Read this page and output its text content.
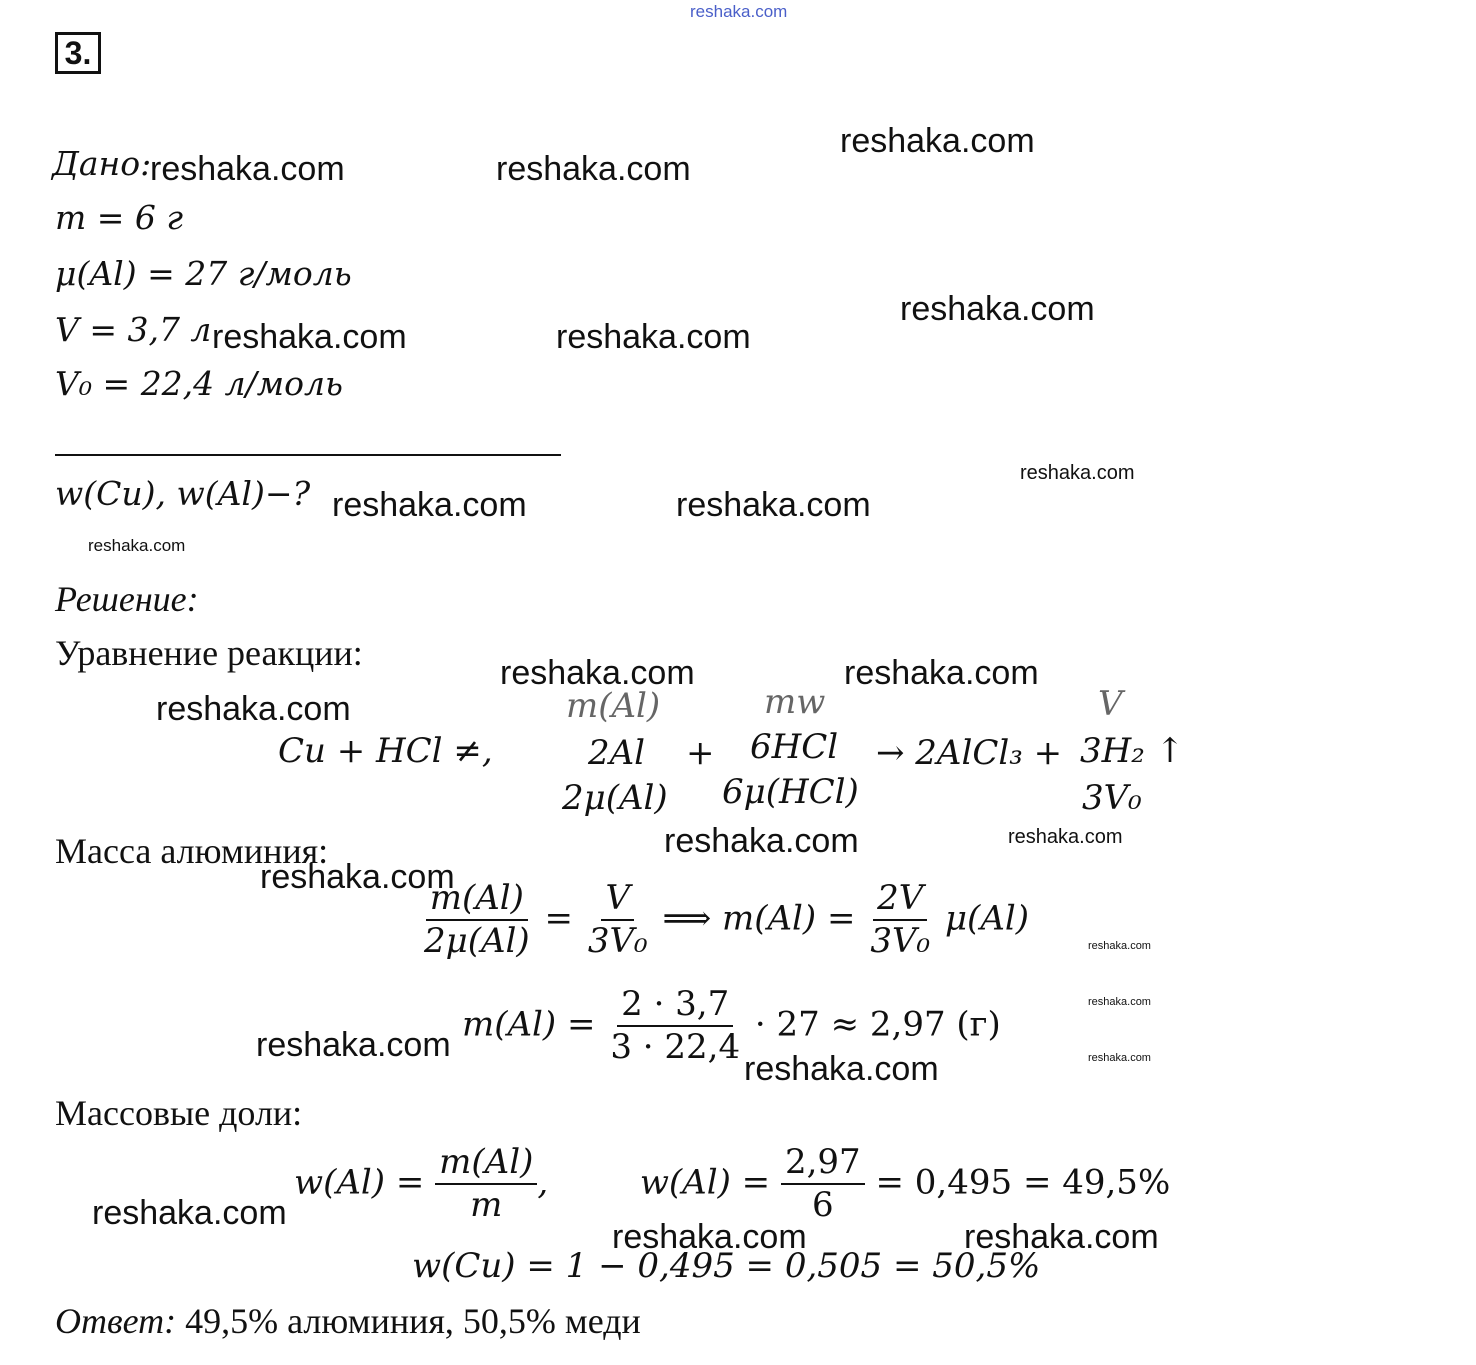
reshaka.com
3.
Дано:
m = 6 г
μ(Al) = 27 г/моль
V = 3,7 л
V₀ = 22,4 л/моль
w(Cu), w(Al)−?
Решение:
Уравнение реакции:
Cu + HCl ≠,
m(Al)	mw	V
2Al + 6HCl → 2AlCl₃ + 3H₂ ↑
2μ(Al) 6μ(HCl)	3V₀
Масса алюминия:
$\frac{m(Al)}{2\mu(Al)} = \frac{V}{\text{3V₀}}$ ⟹ $m(Al) = \frac{2V}{\text{3V₀}} \mu(Al)$
$m(Al) = \frac{2 \cdot 3,7}{3 \cdot 22,4} \cdot 27 \approx 2,97$ (г)
Массовые доли:
$w(Al) = \frac{m(Al)}{m}$ ,	$w(Al) = \frac{2,97}{6} = 0,495 = 49,5\%$
w(Cu) = 1 − 0,495 = 0,505 = 50,5%
Ответ: 49,5% алюминия, 50,5% меди
reshaka.com	reshaka.com
reshaka.com
reshaka.com
reshaka.com	reshaka.com
reshaka.com
reshaka.com	reshaka.com
reshaka.com
reshaka.com	reshaka.com
reshaka.com
reshaka.com	reshaka.com
reshaka.com
reshaka.com
reshaka.com
reshaka.com	reshaka.com
reshaka.com
reshaka.com
reshaka.com	reshaka.com
